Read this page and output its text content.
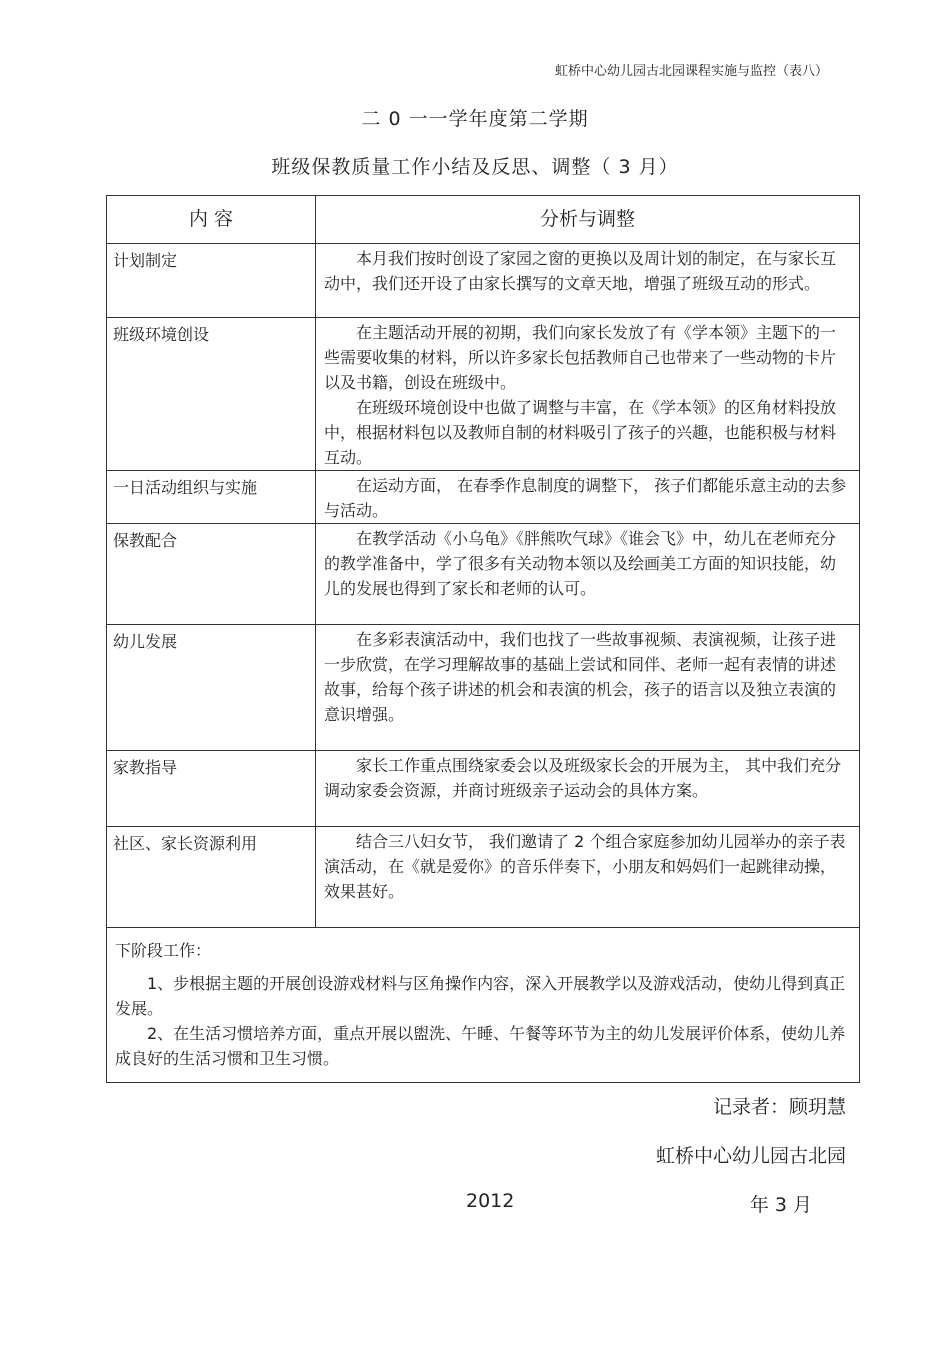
虹桥中心幼儿园古北园课程实施与监控（表八）
二 0 一一学年度第二学期
班级保教质量工作小结及反思、调整（ 3 月）
内 容	分析与调整
计划制定	本月我们按时创设了家园之窗的更换以及周计划的制定，在与家长互动中，我们还开设了由家长撰写的文章天地，增强了班级互动的形式。

班级环境创设	在主题活动开展的初期，我们向家长发放了有《学本领》主题下的一些需要收集的材料，所以许多家长包括教师自己也带来了一些动物的卡片以及书籍，创设在班级中。

在班级环境创设中也做了调整与丰富，在《学本领》的区角材料投放中，根据材料包以及教师自制的材料吸引了孩子的兴趣，也能积极与材料互动。

一日活动组织与实施	在运动方面， 在春季作息制度的调整下， 孩子们都能乐意主动的去参与活动。

保教配合	在教学活动《小乌龟》《胖熊吹气球》《谁会飞》中，幼儿在老师充分的教学准备中，学了很多有关动物本领以及绘画美工方面的知识技能，幼儿的发展也得到了家长和老师的认可。

幼儿发展	在多彩表演活动中，我们也找了一些故事视频、表演视频，让孩子进一步欣赏，在学习理解故事的基础上尝试和同伴、老师一起有表情的讲述故事，给每个孩子讲述的机会和表演的机会，孩子的语言以及独立表演的意识增强。

家教指导	家长工作重点围绕家委会以及班级家长会的开展为主， 其中我们充分调动家委会资源，并商讨班级亲子运动会的具体方案。

社区、家长资源利用	结合三八妇女节， 我们邀请了 2 个组合家庭参加幼儿园举办的亲子表演活动，在《就是爱你》的音乐伴奏下，小朋友和妈妈们一起跳律动操，效果甚好。

下阶段工作：

1、步根据主题的开展创设游戏材料与区角操作内容，深入开展教学以及游戏活动，使幼儿得到真正发展。

2、在生活习惯培养方面，重点开展以盥洗、午睡、午餐等环节为主的幼儿发展评价体系，使幼儿养成良好的生活习惯和卫生习惯。	

记录者：顾玥慧
虹桥中心幼儿园古北园
2012	年 3 月
